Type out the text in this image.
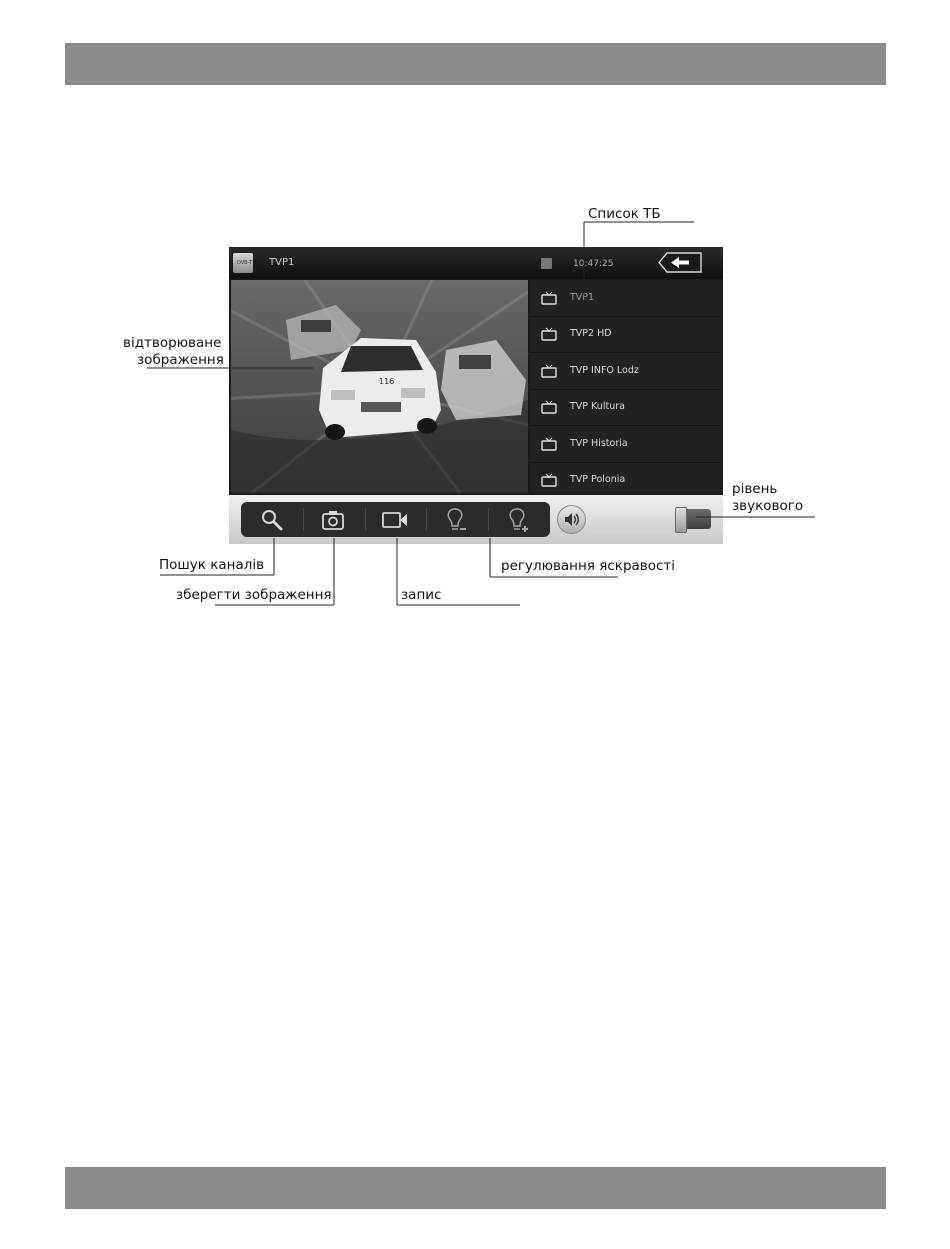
DVB-T TVP1	10:47:25
116
TVP1
TVP2 HD
TVP INFO Lodz
TVP Kultura
TVP Historia
TVP Polonia
Список ТБ
відтворюване
зображення
рівень
звукового
Пошук каналів
зберегти зображення	запис
регулювання яскравості
